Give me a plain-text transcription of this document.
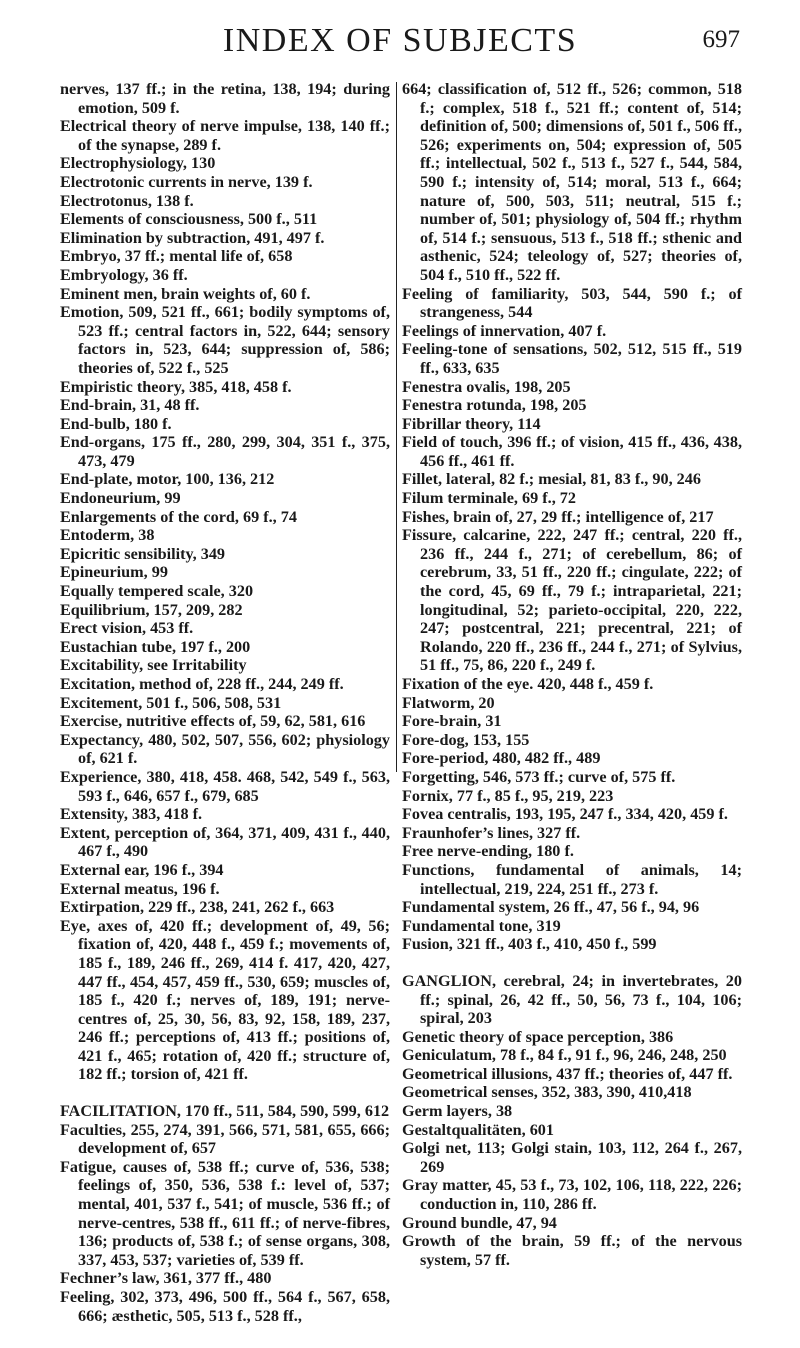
INDEX OF SUBJECTS	697

nerves, 137 ff.; in the retina, 138, 194; during emotion, 509 f.

Electrical theory of nerve impulse, 138, 140 ff.; of the synapse, 289 f.

Electrophysiology, 130

Electrotonic currents in nerve, 139 f.

Electrotonus, 138 f.

Elements of consciousness, 500 f., 511

Elimination by subtraction, 491, 497 f.

Embryo, 37 ff.; mental life of, 658

Embryology, 36 ff.

Eminent men, brain weights of, 60 f.

Emotion, 509, 521 ff., 661; bodily symptoms of, 523 ff.; central factors in, 522, 644; sensory factors in, 523, 644; suppression of, 586; theories of, 522 f., 525

Empiristic theory, 385, 418, 458 f.

End-brain, 31, 48 ff.

End-bulb, 180 f.

End-organs, 175 ff., 280, 299, 304, 351 f., 375, 473, 479

End-plate, motor, 100, 136, 212

Endoneurium, 99

Enlargements of the cord, 69 f., 74

Entoderm, 38

Epicritic sensibility, 349

Epineurium, 99

Equally tempered scale, 320

Equilibrium, 157, 209, 282

Erect vision, 453 ff.

Eustachian tube, 197 f., 200

Excitability, see Irritability

Excitation, method of, 228 ff., 244, 249 ff.

Excitement, 501 f., 506, 508, 531

Exercise, nutritive effects of, 59, 62, 581, 616

Expectancy, 480, 502, 507, 556, 602; physiology of, 621 f.

Experience, 380, 418, 458. 468, 542, 549 f., 563, 593 f., 646, 657 f., 679, 685

Extensity, 383, 418 f.

Extent, perception of, 364, 371, 409, 431 f., 440, 467 f., 490

External ear, 196 f., 394

External meatus, 196 f.

Extirpation, 229 ff., 238, 241, 262 f., 663

Eye, axes of, 420 ff.; development of, 49, 56; fixation of, 420, 448 f., 459 f.; movements of, 185 f., 189, 246 ff., 269, 414 f. 417, 420, 427, 447 ff., 454, 457, 459 ff., 530, 659; muscles of, 185 f., 420 f.; nerves of, 189, 191; nerve-centres of, 25, 30, 56, 83, 92, 158, 189, 237, 246 ff.; perceptions of, 413 ff.; positions of, 421 f., 465; rotation of, 420 ff.; structure of, 182 ff.; torsion of, 421 ff.

FACILITATION, 170 ff., 511, 584, 590, 599, 612

Faculties, 255, 274, 391, 566, 571, 581, 655, 666; development of, 657

Fatigue, causes of, 538 ff.; curve of, 536, 538; feelings of, 350, 536, 538 f.: level of, 537; mental, 401, 537 f., 541; of muscle, 536 ff.; of nerve-centres, 538 ff., 611 ff.; of nerve-fibres, 136; products of, 538 f.; of sense organs, 308, 337, 453, 537; varieties of, 539 ff.

Fechner’s law, 361, 377 ff., 480

Feeling, 302, 373, 496, 500 ff., 564 f., 567, 658, 666; æsthetic, 505, 513 f., 528 ff.,

664; classification of, 512 ff., 526; common, 518 f.; complex, 518 f., 521 ff.; content of, 514; definition of, 500; dimensions of, 501 f., 506 ff., 526; experiments on, 504; expression of, 505 ff.; intellectual, 502 f., 513 f., 527 f., 544, 584, 590 f.; intensity of, 514; moral, 513 f., 664; nature of, 500, 503, 511; neutral, 515 f.; number of, 501; physiology of, 504 ff.; rhythm of, 514 f.; sensuous, 513 f., 518 ff.; sthenic and asthenic, 524; teleology of, 527; theories of, 504 f., 510 ff., 522 ff.

Feeling of familiarity, 503, 544, 590 f.; of strangeness, 544

Feelings of innervation, 407 f.

Feeling-tone of sensations, 502, 512, 515 ff., 519 ff., 633, 635

Fenestra ovalis, 198, 205

Fenestra rotunda, 198, 205

Fibrillar theory, 114

Field of touch, 396 ff.; of vision, 415 ff., 436, 438, 456 ff., 461 ff.

Fillet, lateral, 82 f.; mesial, 81, 83 f., 90, 246

Filum terminale, 69 f., 72

Fishes, brain of, 27, 29 ff.; intelligence of, 217

Fissure, calcarine, 222, 247 ff.; central, 220 ff., 236 ff., 244 f., 271; of cerebellum, 86; of cerebrum, 33, 51 ff., 220 ff.; cingulate, 222; of the cord, 45, 69 ff., 79 f.; intraparietal, 221; longitudinal, 52; parieto-occipital, 220, 222, 247; postcentral, 221; precentral, 221; of Rolando, 220 ff., 236 ff., 244 f., 271; of Sylvius, 51 ff., 75, 86, 220 f., 249 f.

Fixation of the eye. 420, 448 f., 459 f.

Flatworm, 20

Fore-brain, 31

Fore-dog, 153, 155

Fore-period, 480, 482 ff., 489

Forgetting, 546, 573 ff.; curve of, 575 ff.

Fornix, 77 f., 85 f., 95, 219, 223

Fovea centralis, 193, 195, 247 f., 334, 420, 459 f.

Fraunhofer’s lines, 327 ff.

Free nerve-ending, 180 f.

Functions, fundamental of animals, 14; intellectual, 219, 224, 251 ff., 273 f.

Fundamental system, 26 ff., 47, 56 f., 94, 96

Fundamental tone, 319

Fusion, 321 ff., 403 f., 410, 450 f., 599

GANGLION, cerebral, 24; in invertebrates, 20 ff.; spinal, 26, 42 ff., 50, 56, 73 f., 104, 106; spiral, 203

Genetic theory of space perception, 386

Geniculatum, 78 f., 84 f., 91 f., 96, 246, 248, 250

Geometrical illusions, 437 ff.; theories of, 447 ff.

Geometrical senses, 352, 383, 390, 410,418

Germ layers, 38

Gestaltqualitäten, 601

Golgi net, 113; Golgi stain, 103, 112, 264 f., 267, 269

Gray matter, 45, 53 f., 73, 102, 106, 118, 222, 226; conduction in, 110, 286 ff.

Ground bundle, 47, 94

Growth of the brain, 59 ff.; of the nervous system, 57 ff.
